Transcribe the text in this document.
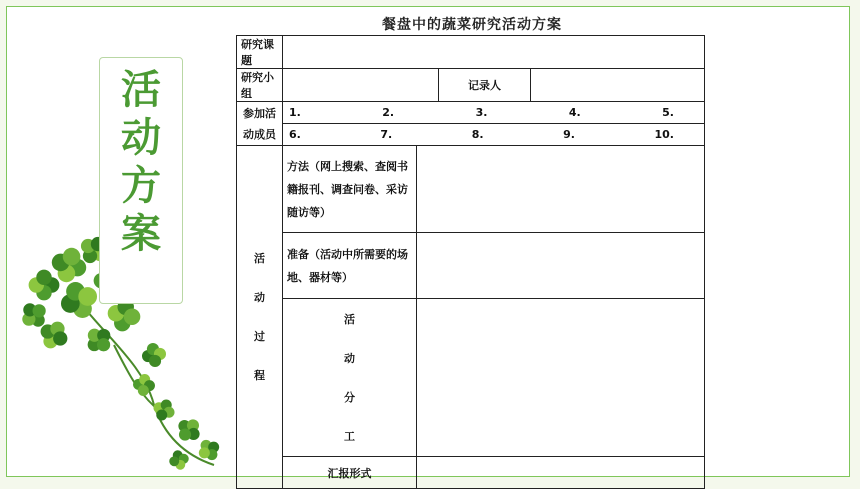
活
动
方
案
餐盘中的蔬菜研究活动方案
研究课题				
研究小组			记录人	
参加活	1. 2. 3. 4. 5.			

动成员	6. 7. 8. 9. 10.			

活
动
过
程	方法（网上搜索、查阅书籍报刊、调查问卷、采访随访等）			
	准备（活动中所需要的场地、器材等）			

	活
动
分
工			

	汇报形式			
